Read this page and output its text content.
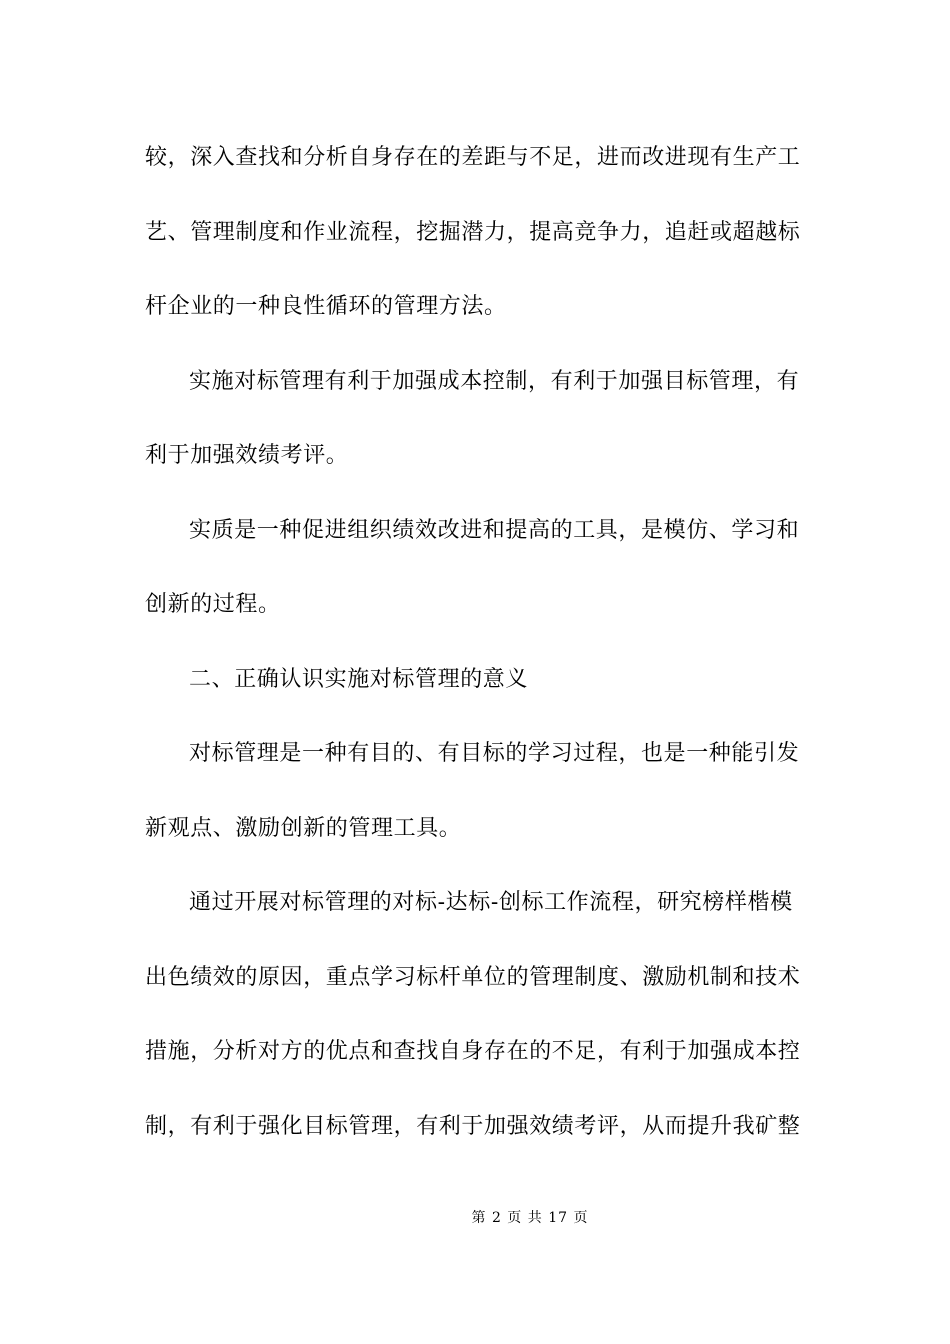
较，深入查找和分析自身存在的差距与不足，进而改进现有生产工
艺、管理制度和作业流程，挖掘潜力，提高竞争力，追赶或超越标
杆企业的一种良性循环的管理方法。
实施对标管理有利于加强成本控制，有利于加强目标管理，有
利于加强效绩考评。
实质是一种促进组织绩效改进和提高的工具，是模仿、学习和
创新的过程。
二、正确认识实施对标管理的意义
对标管理是一种有目的、有目标的学习过程，也是一种能引发
新观点、激励创新的管理工具。
通过开展对标管理的对标-达标-创标工作流程，研究榜样楷模
出色绩效的原因，重点学习标杆单位的管理制度、激励机制和技术
措施，分析对方的优点和查找自身存在的不足，有利于加强成本控
制，有利于强化目标管理，有利于加强效绩考评，从而提升我矿整
第 2 页 共 17 页
